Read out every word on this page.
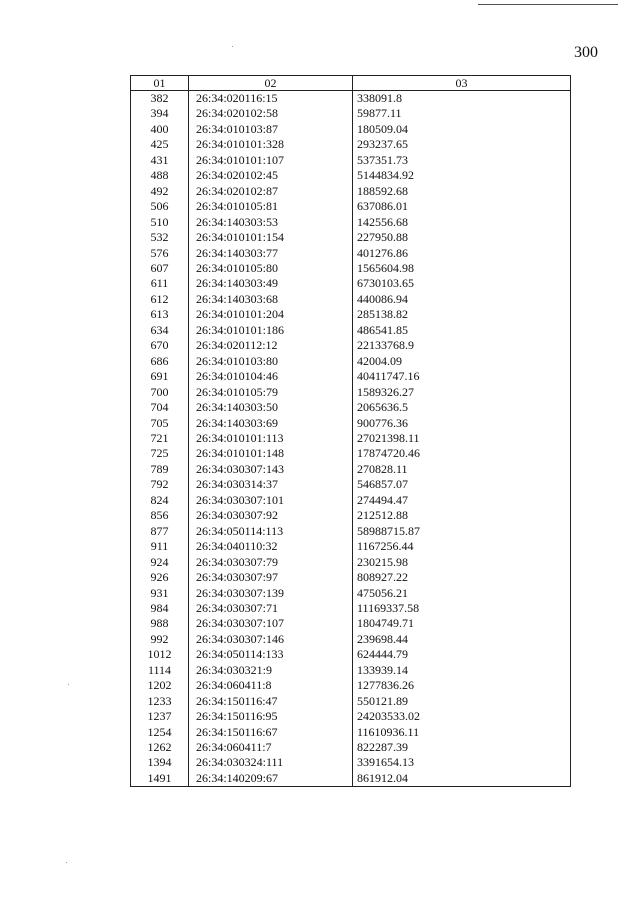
300
01	02	03
382	26:34:020116:15	338091.8
394	26:34:020102:58	59877.11
400	26:34:010103:87	180509.04
425	26:34:010101:328	293237.65
431	26:34:010101:107	537351.73
488	26:34:020102:45	5144834.92
492	26:34:020102:87	188592.68
506	26:34:010105:81	637086.01
510	26:34:140303:53	142556.68
532	26:34:010101:154	227950.88
576	26:34:140303:77	401276.86
607	26:34:010105:80	1565604.98
611	26:34:140303:49	6730103.65
612	26:34:140303:68	440086.94
613	26:34:010101:204	285138.82
634	26:34:010101:186	486541.85
670	26:34:020112:12	22133768.9
686	26:34:010103:80	42004.09
691	26:34:010104:46	40411747.16
700	26:34:010105:79	1589326.27
704	26:34:140303:50	2065636.5
705	26:34:140303:69	900776.36
721	26:34:010101:113	27021398.11
725	26:34:010101:148	17874720.46
789	26:34:030307:143	270828.11
792	26:34:030314:37	546857.07
824	26:34:030307:101	274494.47
856	26:34:030307:92	212512.88
877	26:34:050114:113	58988715.87
911	26:34:040110:32	1167256.44
924	26:34:030307:79	230215.98
926	26:34:030307:97	808927.22
931	26:34:030307:139	475056.21
984	26:34:030307:71	11169337.58
988	26:34:030307:107	1804749.71
992	26:34:030307:146	239698.44
1012	26:34:050114:133	624444.79
1114	26:34:030321:9	133939.14
1202	26:34:060411:8	1277836.26
1233	26:34:150116:47	550121.89
1237	26:34:150116:95	24203533.02
1254	26:34:150116:67	11610936.11
1262	26:34:060411:7	822287.39
1394	26:34:030324:111	3391654.13
1491	26:34:140209:67	861912.04
